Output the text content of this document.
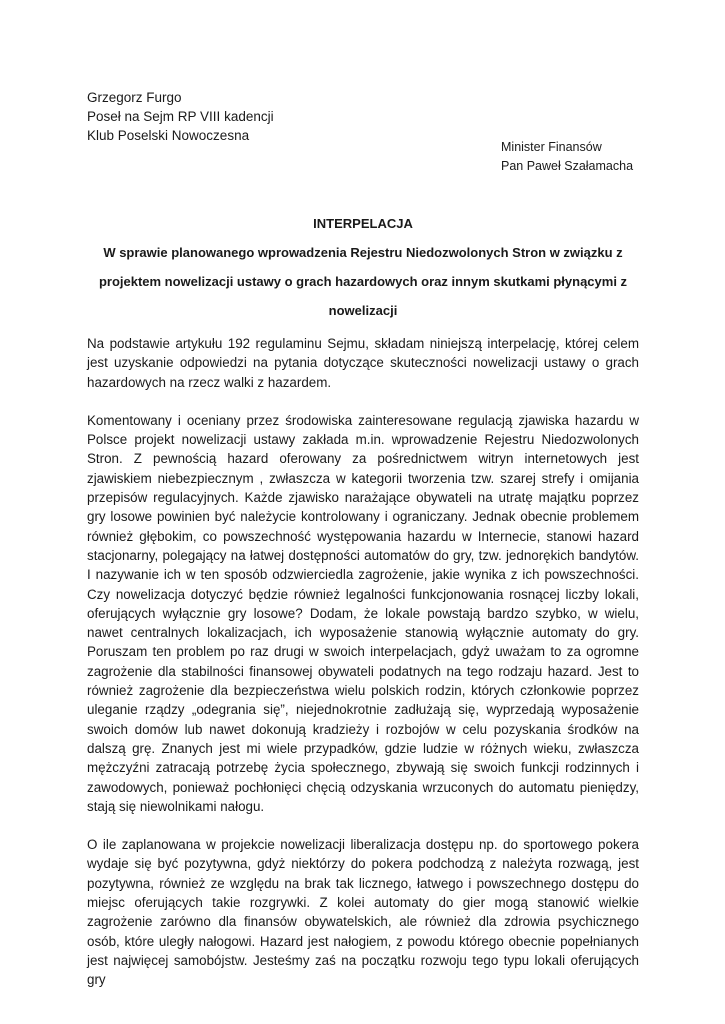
Grzegorz Furgo
Poseł na Sejm RP VIII kadencji
Klub Poselski Nowoczesna
Minister Finansów
Pan Paweł Szałamacha
INTERPELACJA
W sprawie planowanego wprowadzenia Rejestru Niedozwolonych Stron w związku z projektem nowelizacji ustawy o grach hazardowych oraz innym skutkami płynącymi z nowelizacji

Na podstawie artykułu 192 regulaminu Sejmu, składam niniejszą interpelację, której celem jest uzyskanie odpowiedzi na pytania dotyczące skuteczności nowelizacji ustawy o grach hazardowych na rzecz walki z hazardem.

Komentowany i oceniany przez środowiska zainteresowane regulacją zjawiska hazardu w Polsce projekt nowelizacji ustawy zakłada m.in. wprowadzenie Rejestru Niedozwolonych Stron. Z pewnością hazard oferowany za pośrednictwem witryn internetowych jest zjawiskiem niebezpiecznym , zwłaszcza w kategorii tworzenia tzw. szarej strefy i omijania przepisów regulacyjnych. Każde zjawisko narażające obywateli na utratę majątku poprzez gry losowe powinien być należycie kontrolowany i ograniczany. Jednak obecnie problemem również głębokim, co powszechność występowania hazardu w Internecie, stanowi hazard stacjonarny, polegający na łatwej dostępności automatów do gry, tzw. jednorękich bandytów. I nazywanie ich w ten sposób odzwierciedla zagrożenie, jakie wynika z ich powszechności. Czy nowelizacja dotyczyć będzie również legalności funkcjonowania rosnącej liczby lokali, oferujących wyłącznie gry losowe? Dodam, że lokale powstają bardzo szybko, w wielu, nawet centralnych lokalizacjach, ich wyposażenie stanowią wyłącznie automaty do gry. Poruszam ten problem po raz drugi w swoich interpelacjach, gdyż uważam to za ogromne zagrożenie dla stabilności finansowej obywateli podatnych na tego rodzaju hazard. Jest to również zagrożenie dla bezpieczeństwa wielu polskich rodzin, których członkowie poprzez uleganie rządzy „odegrania się”, niejednokrotnie zadłużają się, wyprzedają wyposażenie swoich domów lub nawet dokonują kradzieży i rozbojów w celu pozyskania środków na dalszą grę. Znanych jest mi wiele przypadków, gdzie ludzie w różnych wieku, zwłaszcza mężczyźni zatracają potrzebę życia społecznego, zbywają się swoich funkcji rodzinnych i zawodowych, ponieważ pochłonięci chęcią odzyskania wrzuconych do automatu pieniędzy, stają się niewolnikami nałogu.

O ile zaplanowana w projekcie nowelizacji liberalizacja dostępu np. do sportowego pokera wydaje się być pozytywna, gdyż niektórzy do pokera podchodzą z należyta rozwagą, jest pozytywna, również ze względu na brak tak licznego, łatwego i powszechnego dostępu do miejsc oferujących takie rozgrywki. Z kolei automaty do gier mogą stanowić wielkie zagrożenie zarówno dla finansów obywatelskich, ale również dla zdrowia psychicznego osób, które uległy nałogowi. Hazard jest nałogiem, z powodu którego obecnie popełnianych jest najwięcej samobójstw. Jesteśmy zaś na początku rozwoju tego typu lokali oferujących gry
